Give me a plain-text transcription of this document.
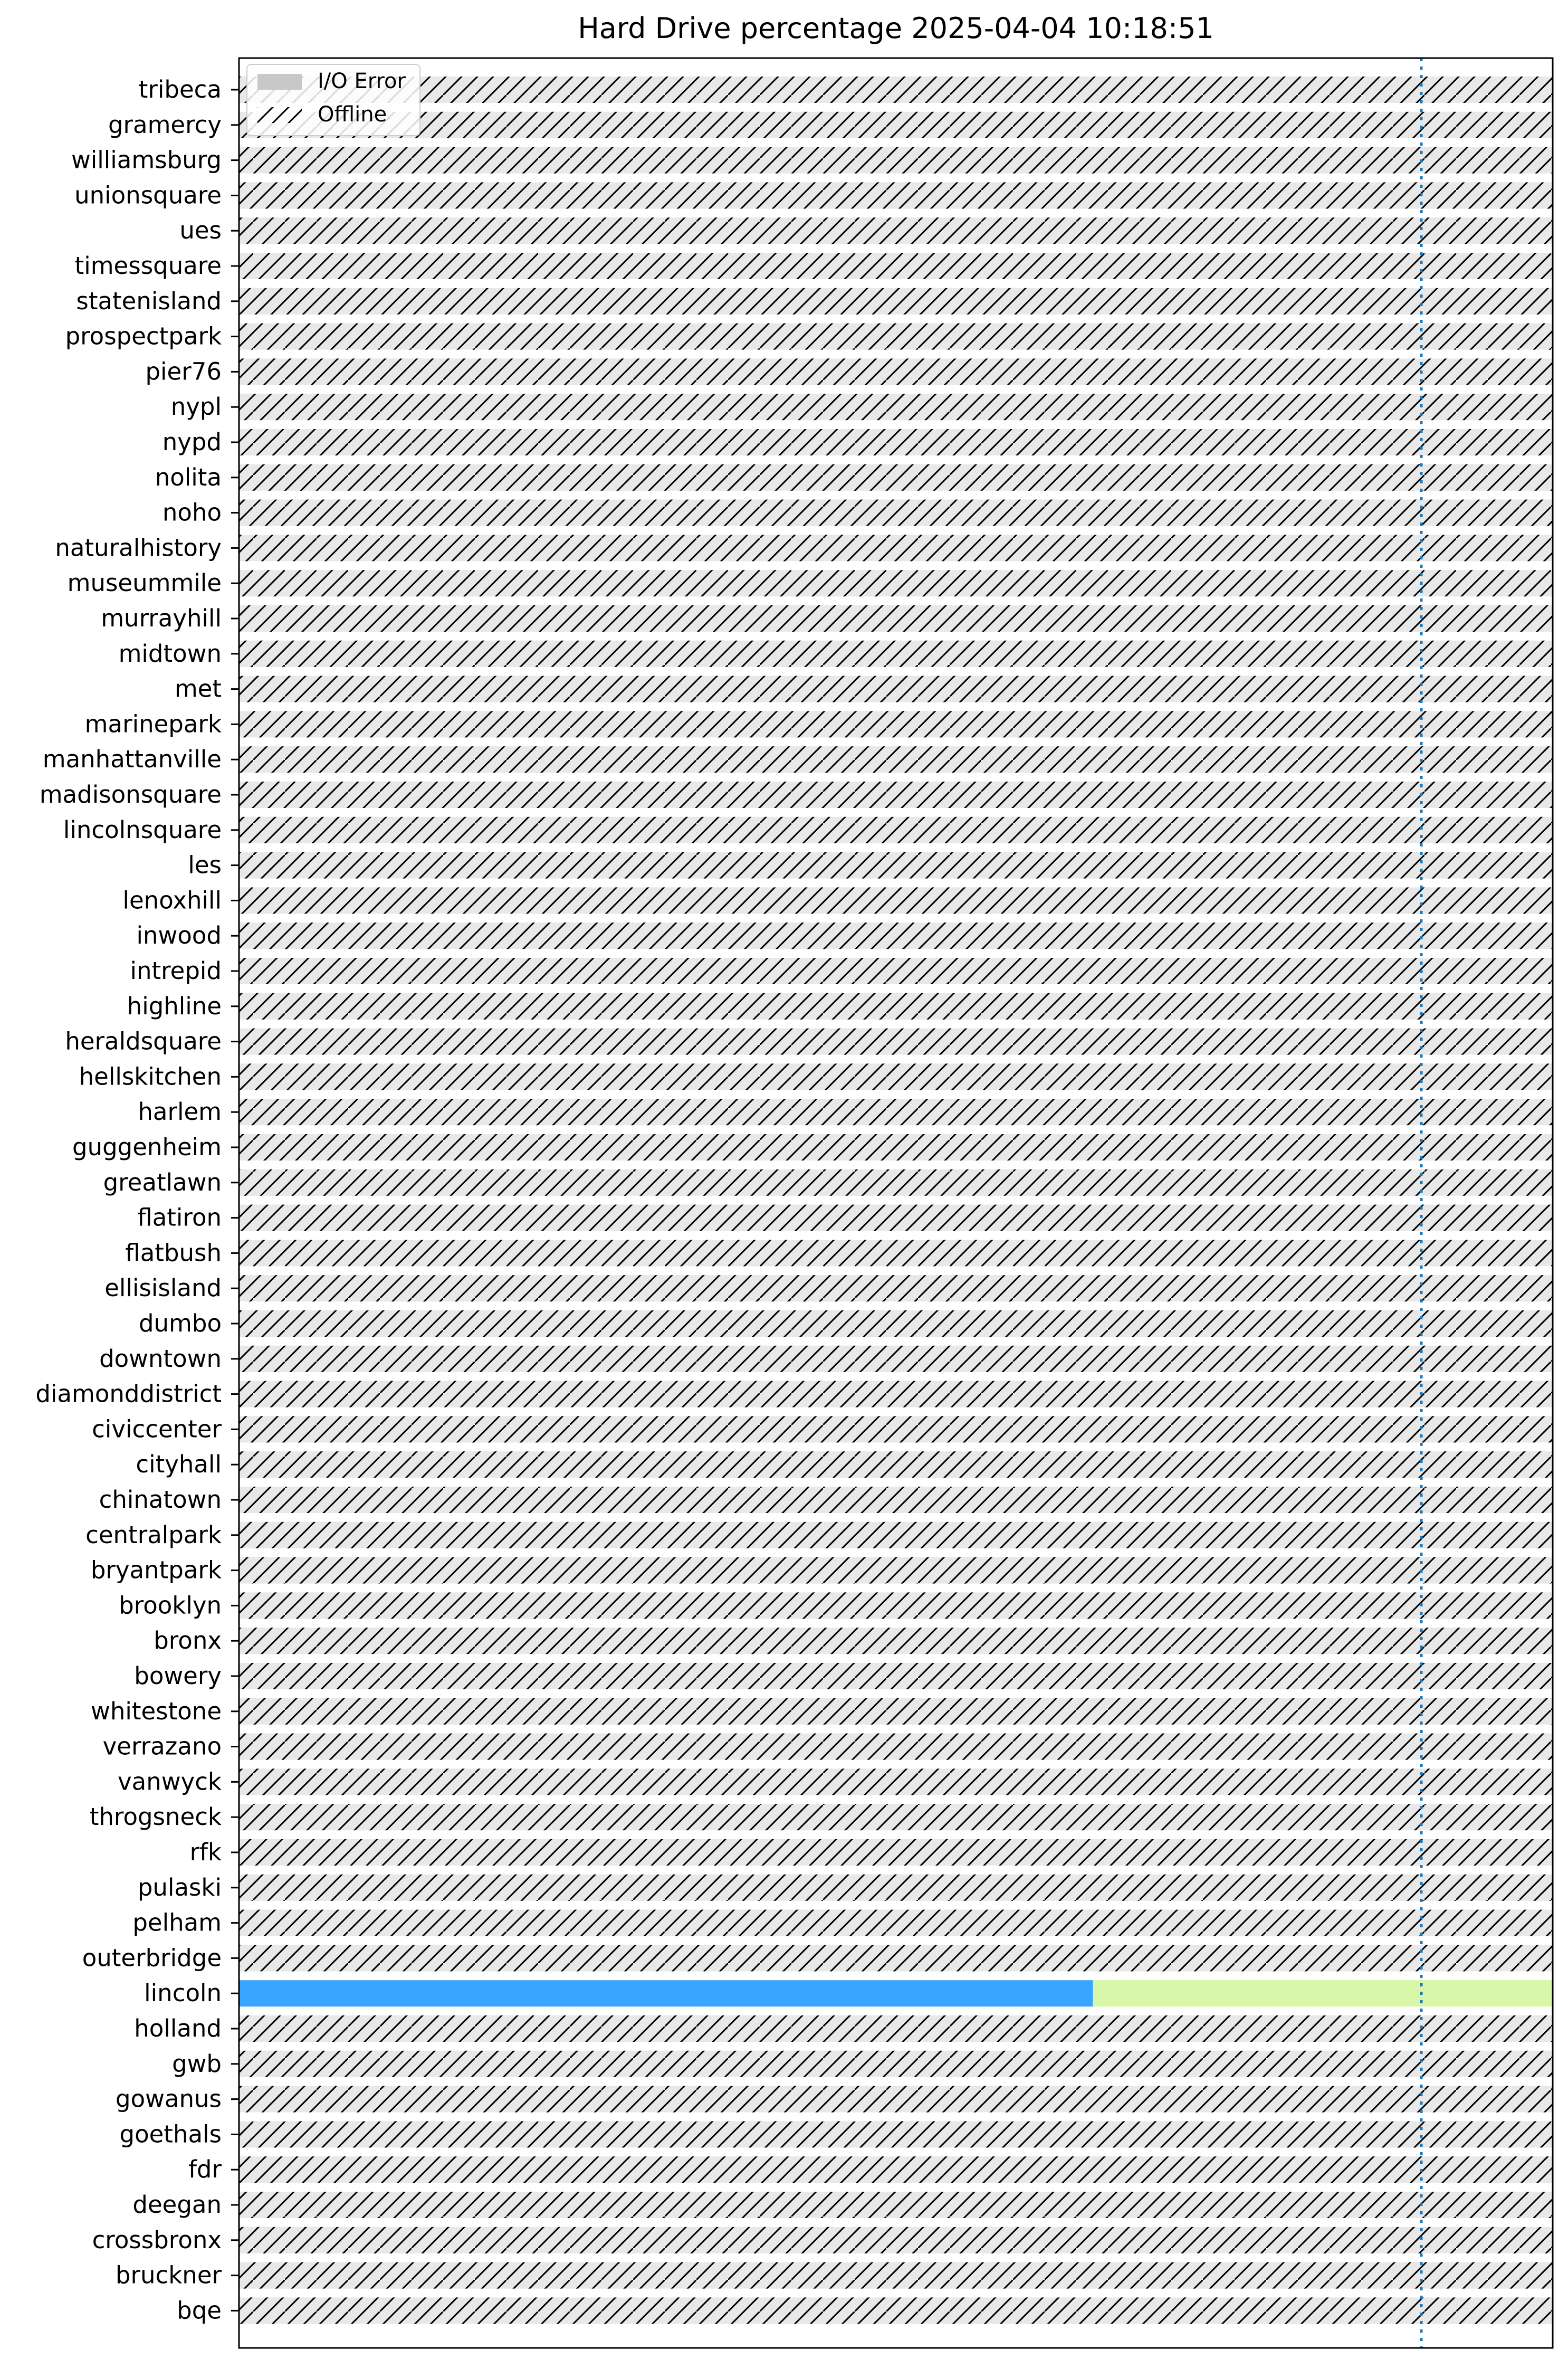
Hard Drive percentage 2025-04-04 10:18:51
tribeca
gramercy
williamsburg
unionsquare
ues
timessquare
statenisland
prospectpark
pier76
nypl
nypd
nolita
noho
naturalhistory
museummile
murrayhill
midtown
met
marinepark
manhattanville
madisonsquare
lincolnsquare
les
lenoxhill
inwood
intrepid
highline
heraldsquare
hellskitchen
harlem
guggenheim
greatlawn
flatiron
flatbush
ellisisland
dumbo
downtown
diamonddistrict
civiccenter
cityhall
chinatown
centralpark
bryantpark
brooklyn
bronx
bowery
whitestone
verrazano
vanwyck
throgsneck
rfk
pulaski
pelham
outerbridge
lincoln
holland
gwb
gowanus
goethals
fdr
deegan
crossbronx
bruckner
bqe
I/O Error
Offline
